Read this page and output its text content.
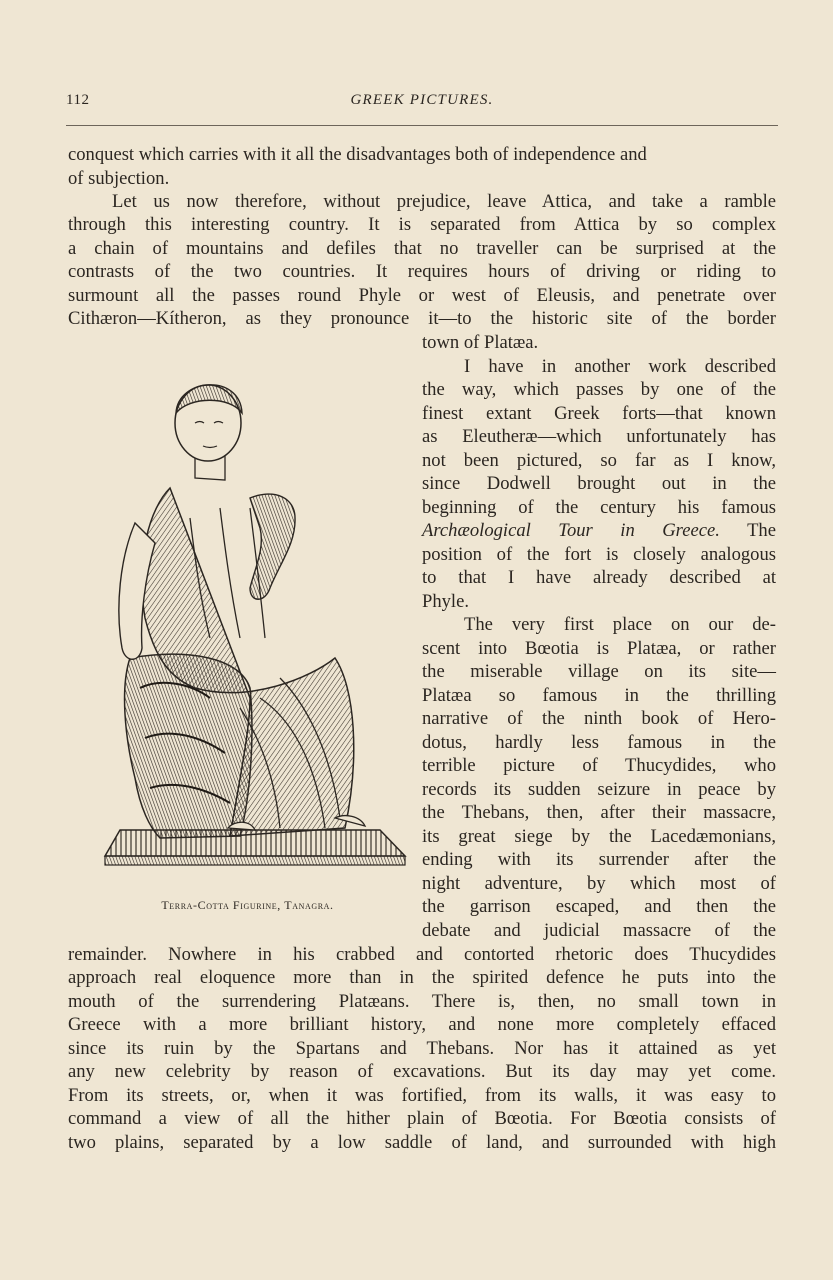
112	GREEK PICTURES.
conquest which carries with it all the disadvantages both of independence and
of subjection.
Let us now therefore, without prejudice, leave Attica, and take a ramble
through this interesting country. It is separated from Attica by so complex
a chain of mountains and defiles that no traveller can be surprised at the
contrasts of the two countries. It requires hours of driving or riding to
surmount all the passes round Phyle or west of Eleusis, and penetrate over
Cithæron—Kítheron, as they pronounce it—to the historic site of the border
town of Platæa.
I have in another work described
the way, which passes by one of the
finest extant Greek forts—that known
as Eleutheræ—which unfortunately has
not been pictured, so far as I know,
since Dodwell brought out in the
beginning of the century his famous
Archæological Tour in Greece. The
position of the fort is closely analogous
to that I have already described at
Phyle.
The very first place on our de-
scent into Bœotia is Platæa, or rather
the miserable village on its site—
Platæa so famous in the thrilling
narrative of the ninth book of Hero-
dotus, hardly less famous in the
terrible picture of Thucydides, who
records its sudden seizure in peace by
the Thebans, then, after their massacre,
its great siege by the Lacedæmonians,
ending with its surrender after the
night adventure, by which most of
the garrison escaped, and then the
debate and judicial massacre of the
Terra-Cotta Figurine, Tanagra.
remainder. Nowhere in his crabbed and contorted rhetoric does Thucydides
approach real eloquence more than in the spirited defence he puts into the
mouth of the surrendering Platæans. There is, then, no small town in
Greece with a more brilliant history, and none more completely effaced
since its ruin by the Spartans and Thebans. Nor has it attained as yet
any new celebrity by reason of excavations. But its day may yet come.
From its streets, or, when it was fortified, from its walls, it was easy to
command a view of all the hither plain of Bœotia. For Bœotia consists of
two plains, separated by a low saddle of land, and surrounded with high
